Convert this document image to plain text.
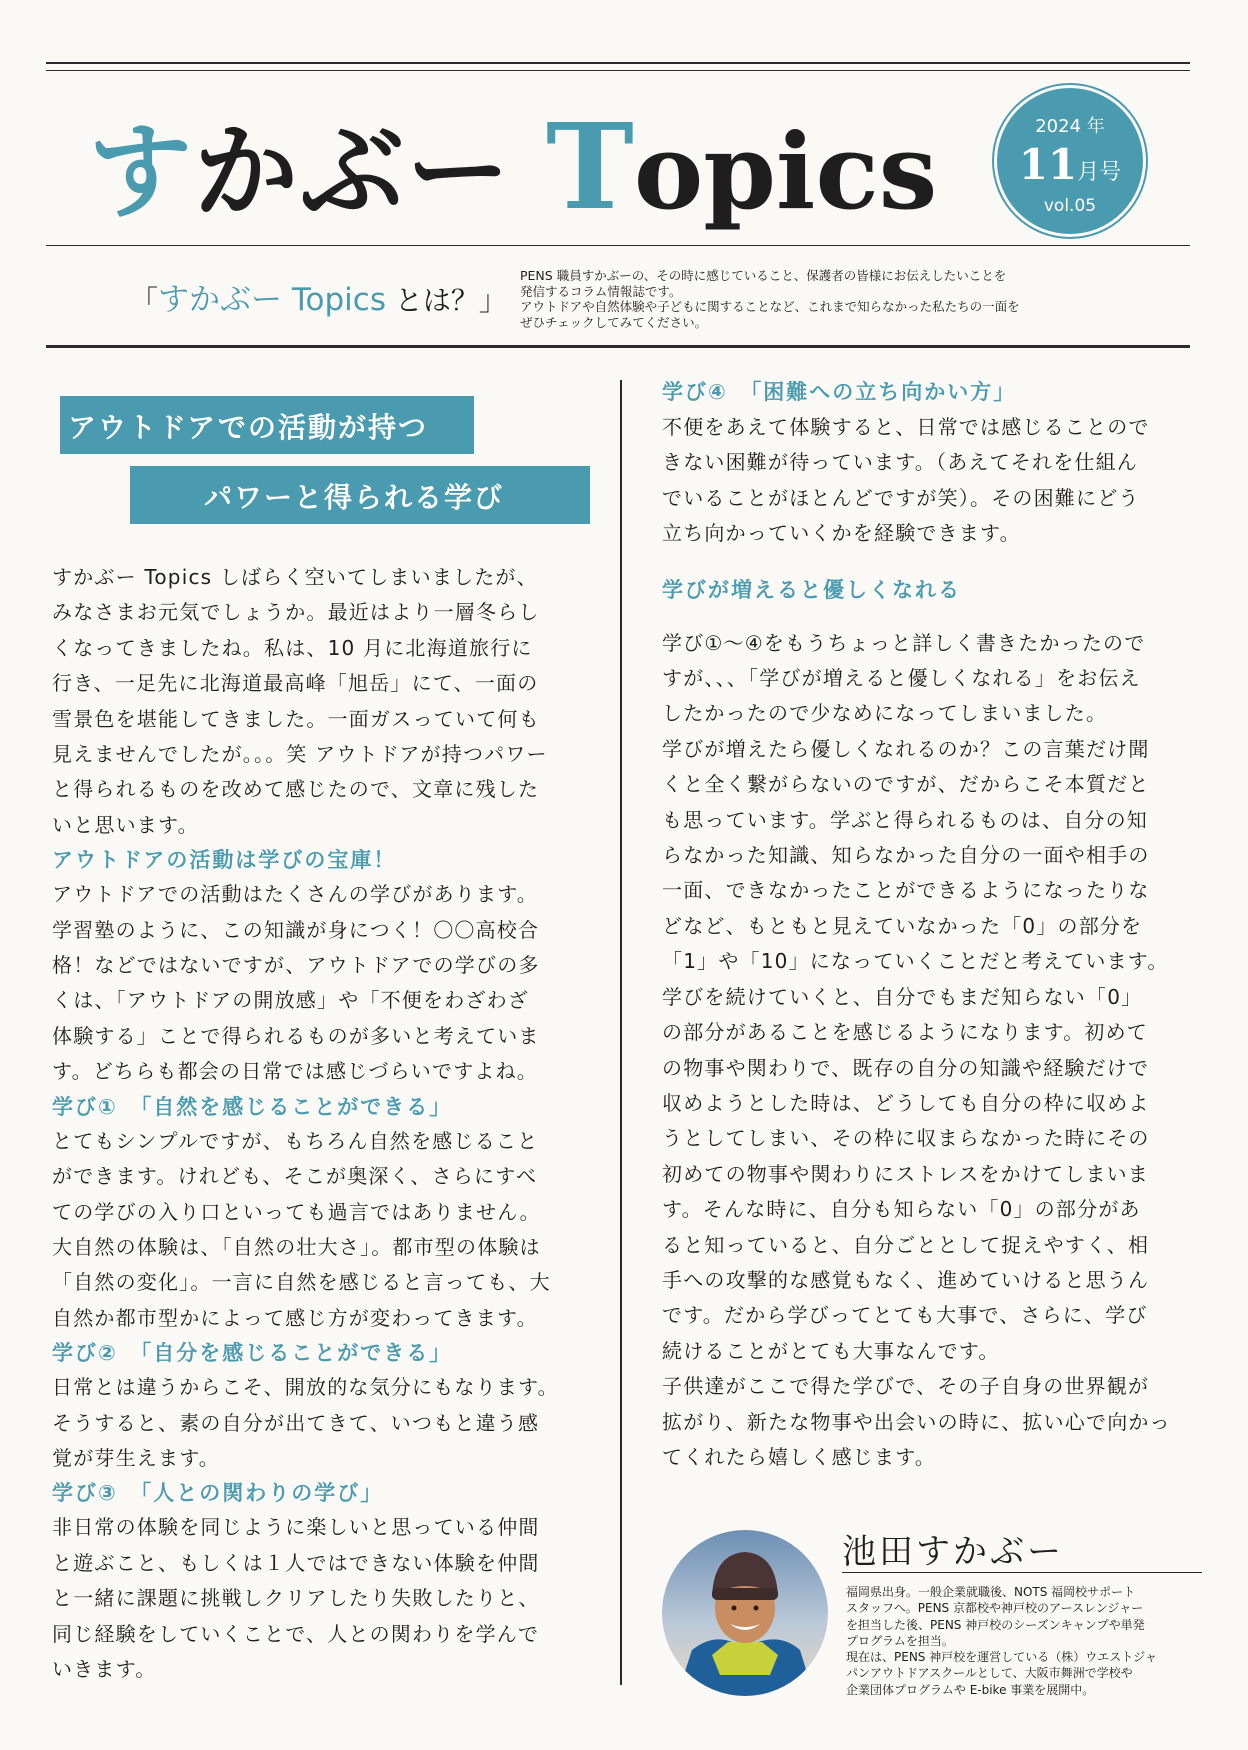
すかぶー Topics	2024 年
11月号
vol.05
「すかぶー Topics とは？」
PENS 職員すかぶーの、その時に感じていること、保護者の皆様にお伝えしたいことを
発信するコラム情報誌です。
アウトドアや自然体験や子どもに関することなど、これまで知らなかった私たちの一面を
ぜひチェックしてみてください。
アウトドアでの活動が持つ
パワーと得られる学び
すかぶー Topics しばらく空いてしまいましたが、
みなさまお元気でしょうか。最近はより一層冬らし
くなってきましたね。私は、10 月に北海道旅行に
行き、一足先に北海道最高峰「旭岳」にて、一面の
雪景色を堪能してきました。一面ガスっていて何も
見えませんでしたが。。。笑 アウトドアが持つパワー
と得られるものを改めて感じたので、文章に残した
いと思います。
アウトドアの活動は学びの宝庫！
アウトドアでの活動はたくさんの学びがあります。
学習塾のように、この知識が身につく！〇〇高校合
格！などではないですが、アウトドアでの学びの多
くは、「アウトドアの開放感」や「不便をわざわざ
体験する」ことで得られるものが多いと考えていま
す。どちらも都会の日常では感じづらいですよね。
学び①　「自然を感じることができる」
とてもシンプルですが、もちろん自然を感じること
ができます。けれども、そこが奥深く、さらにすべ
ての学びの入り口といっても過言ではありません。
大自然の体験は、「自然の壮大さ」。都市型の体験は
「自然の変化」。一言に自然を感じると言っても、大
自然か都市型かによって感じ方が変わってきます。
学び②　「自分を感じることができる」
日常とは違うからこそ、開放的な気分にもなります。
そうすると、素の自分が出てきて、いつもと違う感
覚が芽生えます。
学び③　「人との関わりの学び」
非日常の体験を同じように楽しいと思っている仲間
と遊ぶこと、もしくは１人ではできない体験を仲間
と一緒に課題に挑戦しクリアしたり失敗したりと、
同じ経験をしていくことで、人との関わりを学んで
いきます。
学び④　「困難への立ち向かい方」
不便をあえて体験すると、日常では感じることので
きない困難が待っています。（あえてそれを仕組ん
でいることがほとんどですが笑）。その困難にどう
立ち向かっていくかを経験できます。
学びが増えると優しくなれる
学び①～④をもうちょっと詳しく書きたかったので
すが、、、「学びが増えると優しくなれる」をお伝え
したかったので少なめになってしまいました。
学びが増えたら優しくなれるのか？この言葉だけ聞
くと全く繋がらないのですが、だからこそ本質だと
も思っています。学ぶと得られるものは、自分の知
らなかった知識、知らなかった自分の一面や相手の
一面、できなかったことができるようになったりな
どなど、もともと見えていなかった「0」の部分を
「1」や「10」になっていくことだと考えています。
学びを続けていくと、自分でもまだ知らない「0」
の部分があることを感じるようになります。初めて
の物事や関わりで、既存の自分の知識や経験だけで
収めようとした時は、どうしても自分の枠に収めよ
うとしてしまい、その枠に収まらなかった時にその
初めての物事や関わりにストレスをかけてしまいま
す。そんな時に、自分も知らない「0」の部分があ
ると知っていると、自分ごととして捉えやすく、相
手への攻撃的な感覚もなく、進めていけると思うん
です。だから学びってとても大事で、さらに、学び
続けることがとても大事なんです。
子供達がここで得た学びで、その子自身の世界観が
拡がり、新たな物事や出会いの時に、拡い心で向かっ
てくれたら嬉しく感じます。
池田すかぶー
福岡県出身。一般企業就職後、NOTS 福岡校サポート
スタッフへ。PENS 京都校や神戸校のアースレンジャー
を担当した後、PENS 神戸校のシーズンキャンプや単発
プログラムを担当。
現在は、PENS 神戸校を運営している（株）ウエストジャ
パンアウトドアスクールとして、大阪市舞洲で学校や
企業団体プログラムや E-bike 事業を展開中。
